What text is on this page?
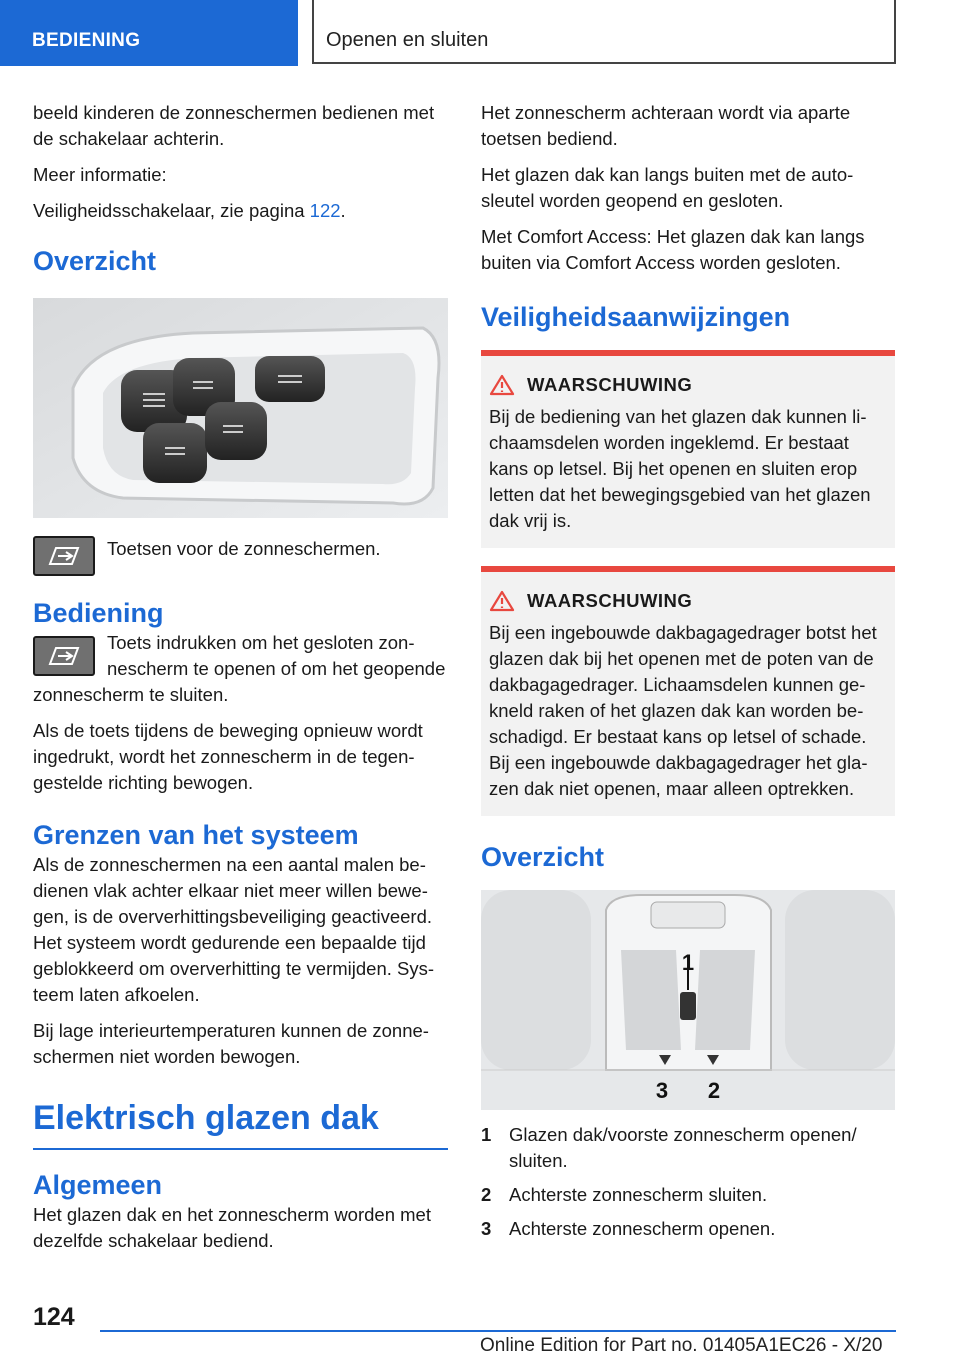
BEDIENING	Openen en sluiten

beeld kinderen de zonneschermen bedienen met de schakelaar achterin.

Meer informatie:

Veiligheidsschakelaar, zie pagina 122.

Overzicht

Toetsen voor de zonneschermen.

Bediening

Toets indrukken om het gesloten zonnescherm te openen of om het geopende zonnescherm te sluiten.

Als de toets tijdens de beweging opnieuw wordt ingedrukt, wordt het zonnescherm in de tegengestelde richting bewogen.

Grenzen van het systeem

Als de zonneschermen na een aantal malen bedienen vlak achter elkaar niet meer willen bewegen, is de oververhittingsbeveiliging geactiveerd. Het systeem wordt gedurende een bepaalde tijd geblokkeerd om oververhitting te vermijden. Systeem laten afkoelen.

Bij lage interieurtemperaturen kunnen de zonneschermen niet worden bewogen.

Elektrisch glazen dak
Algemeen

Het glazen dak en het zonnescherm worden met dezelfde schakelaar bediend.

Het zonnescherm achteraan wordt via aparte toetsen bediend.

Het glazen dak kan langs buiten met de autosleutel worden geopend en gesloten.

Met Comfort Access: Het glazen dak kan langs buiten via Comfort Access worden gesloten.

Veiligheidsaanwijzingen
WAARSCHUWING

Bij de bediening van het glazen dak kunnen lichaamsdelen worden ingeklemd. Er bestaat kans op letsel. Bij het openen en sluiten erop letten dat het bewegingsgebied van het glazen dak vrij is.

WAARSCHUWING

Bij een ingebouwde dakbagagedrager botst het glazen dak bij het openen met de poten van de dakbagagedrager. Lichaamsdelen kunnen gekneld raken of het glazen dak kan worden beschadigd. Er bestaat kans op letsel of schade. Bij een ingebouwde dakbagagedrager het glazen dak niet openen, maar alleen optrekken.

Overzicht
1
3 2
1 Glazen dak/voorste zonnescherm openen/ sluiten.
2 Achterste zonnescherm sluiten.
3 Achterste zonnescherm openen.
124
Online Edition for Part no. 01405A1EC26 - X/20
